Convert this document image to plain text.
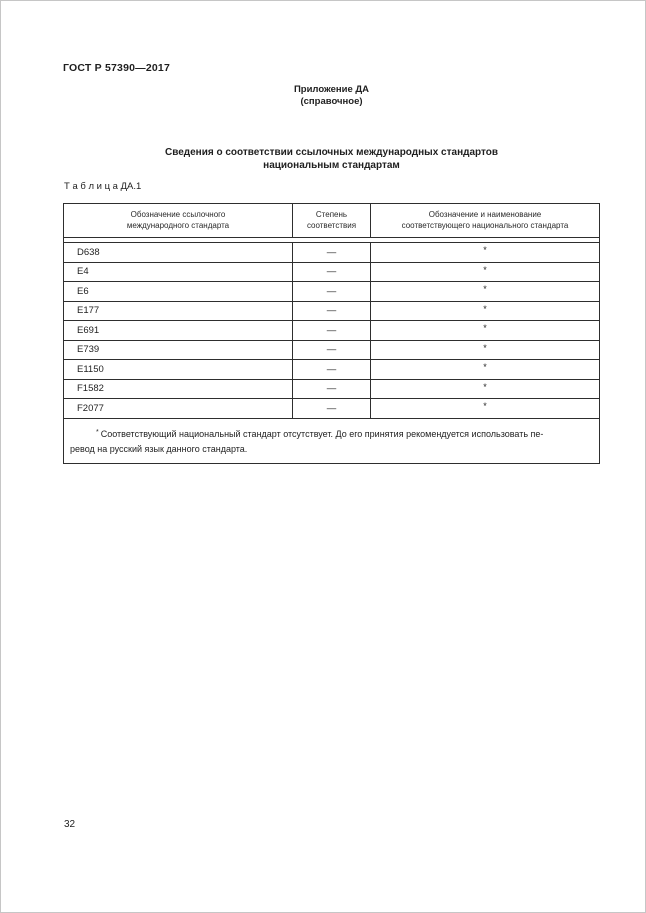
ГОСТ Р 57390—2017
Приложение ДА
(справочное)
Сведения о соответствии ссылочных международных стандартов
национальным стандартам
Т а б л и ц а ДА.1
Обозначение ссылочного
международного стандарта
Степень
соответствия
Обозначение и наименование
соответствующего национального стандарта
D638	—	*
E4	—	*
E6	—	*
E177	—	*
E691	—	*
E739	—	*
E1150	—	*
F1582	—	*
F2077	—	*
* Соответствующий национальный стандарт отсутствует. До его принятия рекомендуется использовать пе-
ревод на русский язык данного стандарта.
32
